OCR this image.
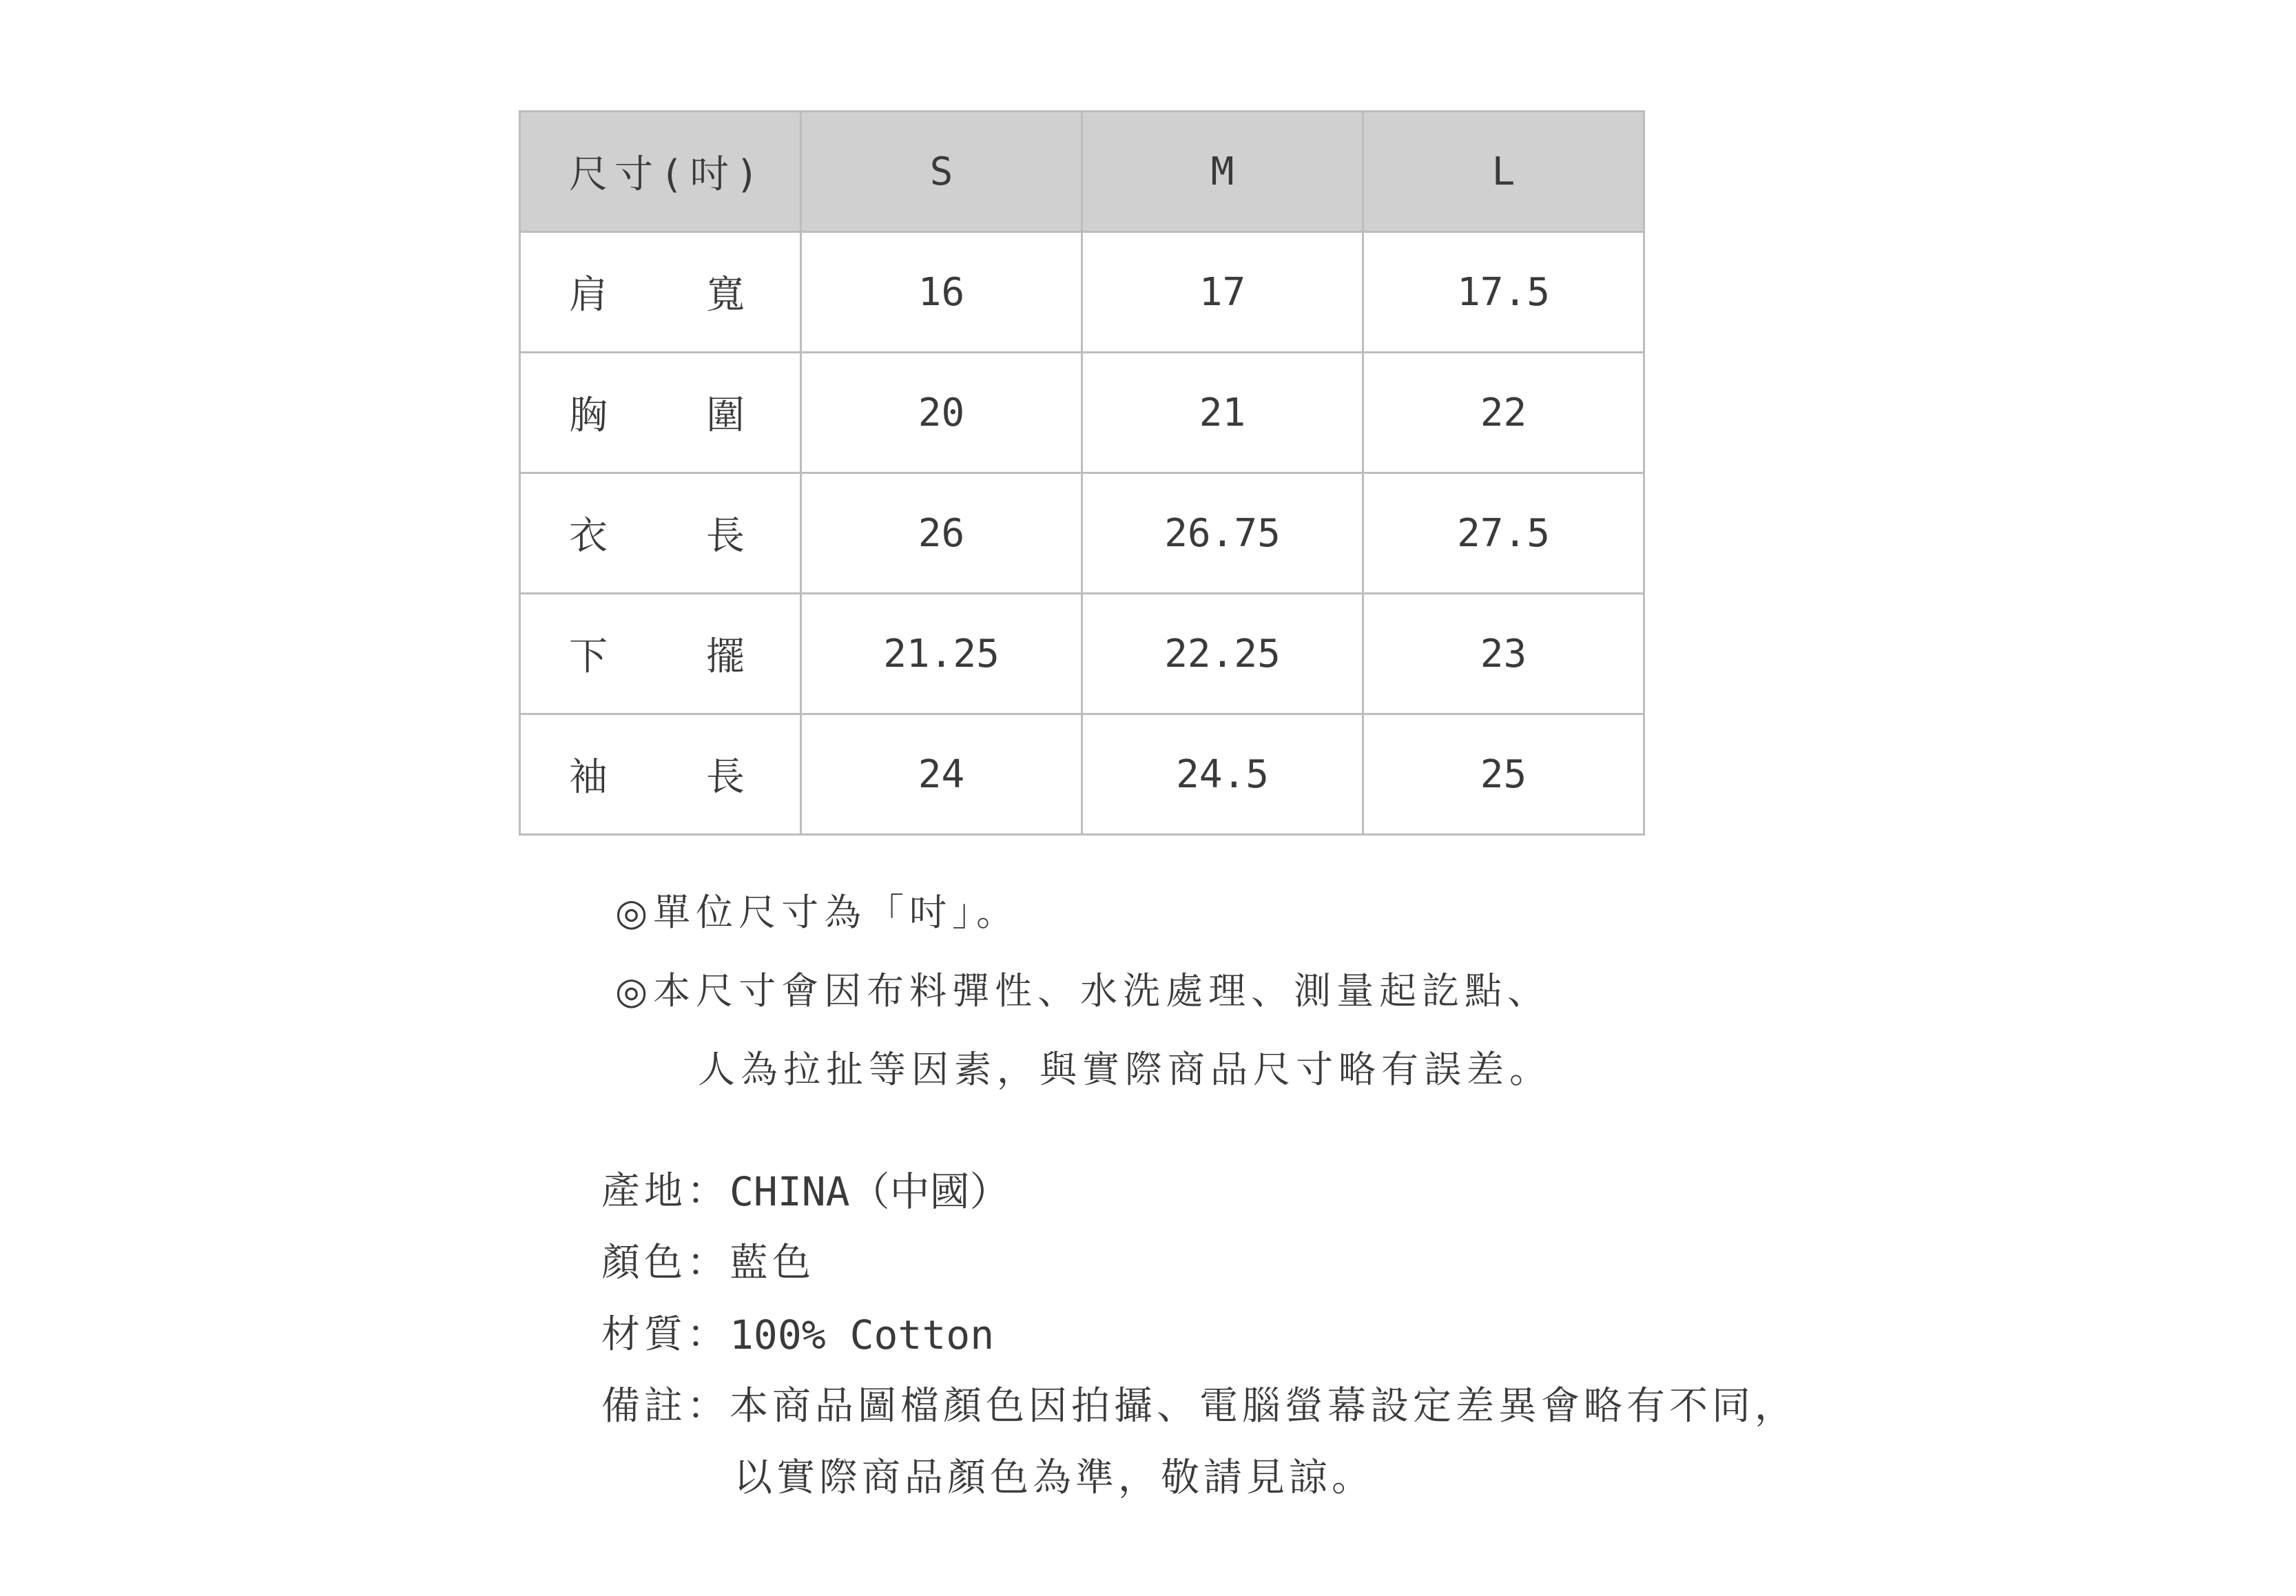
尺寸(吋)	S	M	L

肩 寬	16	17	17.5

胸 圍	20	21	22

衣 長	26	26.75	27.5

下 擺	21.25	22.25	23

袖 長	24	24.5	25
◎單位尺寸為「吋」。
◎本尺寸會因布料彈性、水洗處理、測量起訖點、
人為拉扯等因素，與實際商品尺寸略有誤差。
產地： CHINA（中國）
顏色： 藍色
材質： 100% Cotton
備註： 本商品圖檔顏色因拍攝、電腦螢幕設定差異會略有不同，
以實際商品顏色為準，敬請見諒。
